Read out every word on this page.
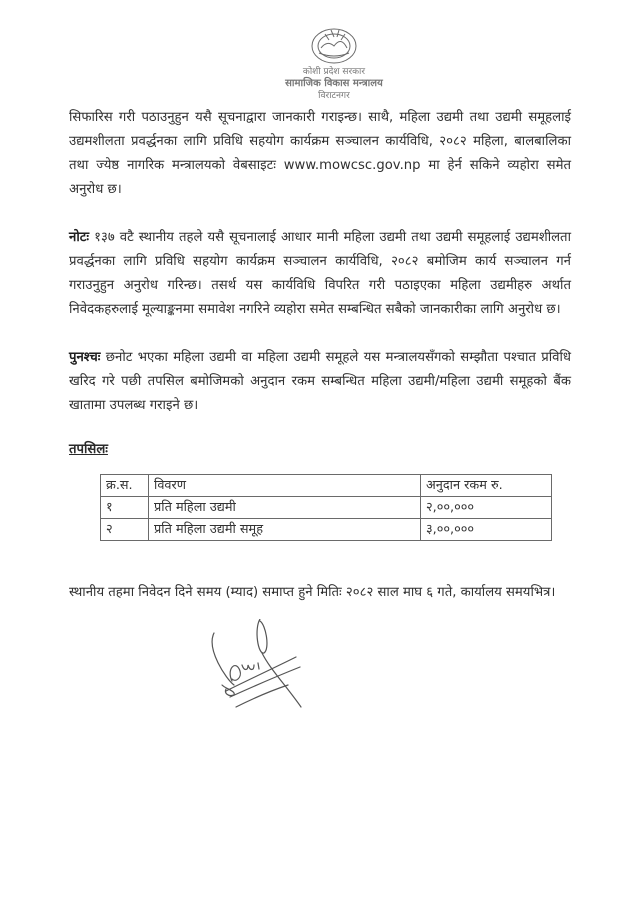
कोशी प्रदेश सरकार
सामाजिक विकास मन्त्रालय
विराटनगर

सिफारिस गरी पठाउनुहुन यसै सूचनाद्वारा जानकारी गराइन्छ। साथै, महिला उद्यमी तथा उद्यमी समूहलाई उद्यमशीलता प्रवर्द्धनका लागि प्रविधि सहयोग कार्यक्रम सञ्चालन कार्यविधि, २०८२ महिला, बालबालिका तथा ज्येष्ठ नागरिक मन्त्रालयको वेबसाइटः www.mowcsc.gov.np मा हेर्न सकिने व्यहोरा समेत अनुरोध छ।

नोटः १३७ वटै स्थानीय तहले यसै सूचनालाई आधार मानी महिला उद्यमी तथा उद्यमी समूहलाई उद्यमशीलता प्रवर्द्धनका लागि प्रविधि सहयोग कार्यक्रम सञ्चालन कार्यविधि, २०८२ बमोजिम कार्य सञ्चालन गर्न गराउनुहुन अनुरोध गरिन्छ। तसर्थ यस कार्यविधि विपरित गरी पठाइएका महिला उद्यमीहरु अर्थात निवेदकहरुलाई मूल्याङ्कनमा समावेश नगरिने व्यहोरा समेत सम्बन्धित सबैको जानकारीका लागि अनुरोध छ।

पुनश्चः छनोट भएका महिला उद्यमी वा महिला उद्यमी समूहले यस मन्त्रालयसँगको सम्झौता पश्चात प्रविधि खरिद गरे पछी तपसिल बमोजिमको अनुदान रकम सम्बन्धित महिला उद्यमी/महिला उद्यमी समूहको बैंक खातामा उपलब्ध गराइने छ।

तपसिलः
क्र.स.	विवरण	अनुदान रकम रु.
१	प्रति महिला उद्यमी	२,००,०००
२	प्रति महिला उद्यमी समूह	३,००,०००

स्थानीय तहमा निवेदन दिने समय (म्याद) समाप्त हुने मितिः २०८२ साल माघ ६ गते, कार्यालय समयभित्र।
